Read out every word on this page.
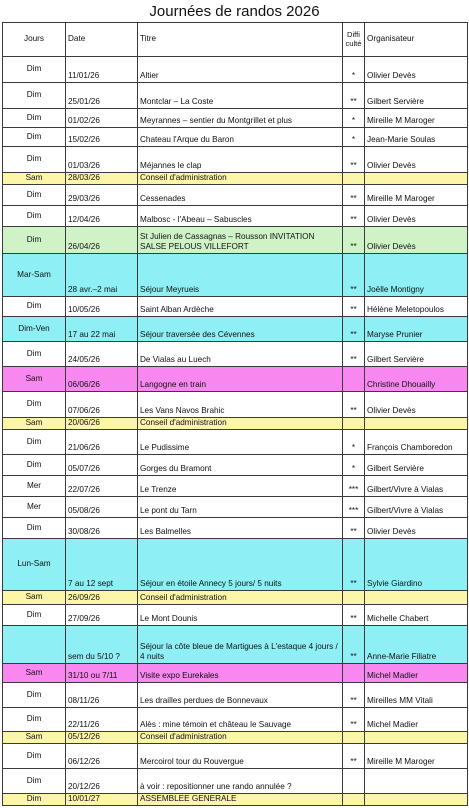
Journées de randos 2026
Jours	Date	Titre	Diffi culté	Organisateur
Dim	11/01/26	Altier	*	Olivier Devès
Dim	25/01/26	Montclar – La Coste	**	Gilbert Servière
Dim	01/02/26	Meyrannes – sentier du Montgrillet et plus	*	Mireille M Maroger
Dim	15/02/26	Chateau l'Arque du Baron	*	Jean-Marie Soulas
Dim	01/03/26	Méjannes le clap	**	Olivier Devès
Sam	28/03/26	Conseil d'administration		
Dim	29/03/26	Cessenades	**	Mireille M Maroger
Dim	12/04/26	Malbosc - l'Abeau – Sabuscles	**	Olivier Devès
Dim	26/04/26	St Julien de Cassagnas – Rousson INVITATION SALSE PELOUS VILLEFORT	**	Olivier Devès
Mar-Sam	28 avr.–2 mai	Séjour Meyrueis	**	Joëlle Montigny
Dim	10/05/26	Saint Alban Ardèche	**	Hélène Meletopoulos
Dim-Ven	17 au 22 mai	Séjour traversée des Cévennes	**	Maryse Prunier
Dim	24/05/26	De Vialas au Luech	**	Gilbert Servière
Sam	06/06/26	Langogne en train		Christine Dhouailly
Dim	07/06/26	Les Vans Navos Brahic	**	Olivier Devès
Sam	20/06/26	Conseil d'administration		
Dim	21/06/26	Le Pudissime	*	François Chamboredon
Dim	05/07/26	Gorges du Bramont	*	Gilbert Servière
Mer	22/07/26	Le Trenze	***	Gilbert/Vivre à Vialas
Mer	05/08/26	Le pont du Tarn	***	Gilbert/Vivre à Vialas
Dim	30/08/26	Les Balmelles	**	Olivier Devès
Lun-Sam	7 au 12 sept	Séjour en étoile Annecy 5 jours/ 5 nuits	**	Sylvie Giardino
Sam	26/09/26	Conseil d'administration		
Dim	27/09/26	Le Mont Dounis	**	Michelle Chabert
	sem du 5/10 ?	Séjour la côte bleue de Martigues à L'estaque 4 jours / 4 nuits	**	Anne-Marie Filiatre
Sam	31/10 ou 7/11	Visite expo Eurekales		Michel Madier
Dim	08/11/26	Les drailles perdues de Bonnevaux	**	Mireilles MM Vitali
Dim	22/11/26	Alès : mine témoin et château le Sauvage	**	Michel Madier
Sam	05/12/26	Conseil d'administration		
Dim	06/12/26	Mercoirol tour du Rouvergue	**	Mireille M Maroger
Dim	20/12/26	à voir : repositionner une rando annulée ?		
Dim	10/01/27	ASSEMBLEE GENERALE		
